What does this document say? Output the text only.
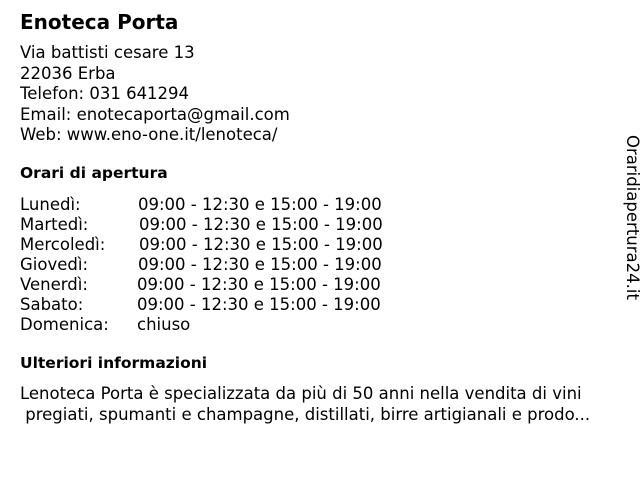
Enoteca Porta
Via battisti cesare 13
22036 Erba
Telefon: 031 641294
Email: enotecaporta@gmail.com
Web: www.eno-one.it/lenoteca/
Orari di apertura
Lunedì:	09:00 - 12:30 e 15:00 - 19:00
Martedì:	09:00 - 12:30 e 15:00 - 19:00
Mercoledì: 09:00 - 12:30 e 15:00 - 19:00
Giovedì:	09:00 - 12:30 e 15:00 - 19:00
Venerdì:	09:00 - 12:30 e 15:00 - 19:00
Sabato:	09:00 - 12:30 e 15:00 - 19:00
Domenica: chiuso
Ulteriori informazioni
Lenoteca Porta è specializzata da più di 50 anni nella vendita di vini
pregiati, spumanti e champagne, distillati, birre artigianali e prodo...
Oraridiapertura24.it
